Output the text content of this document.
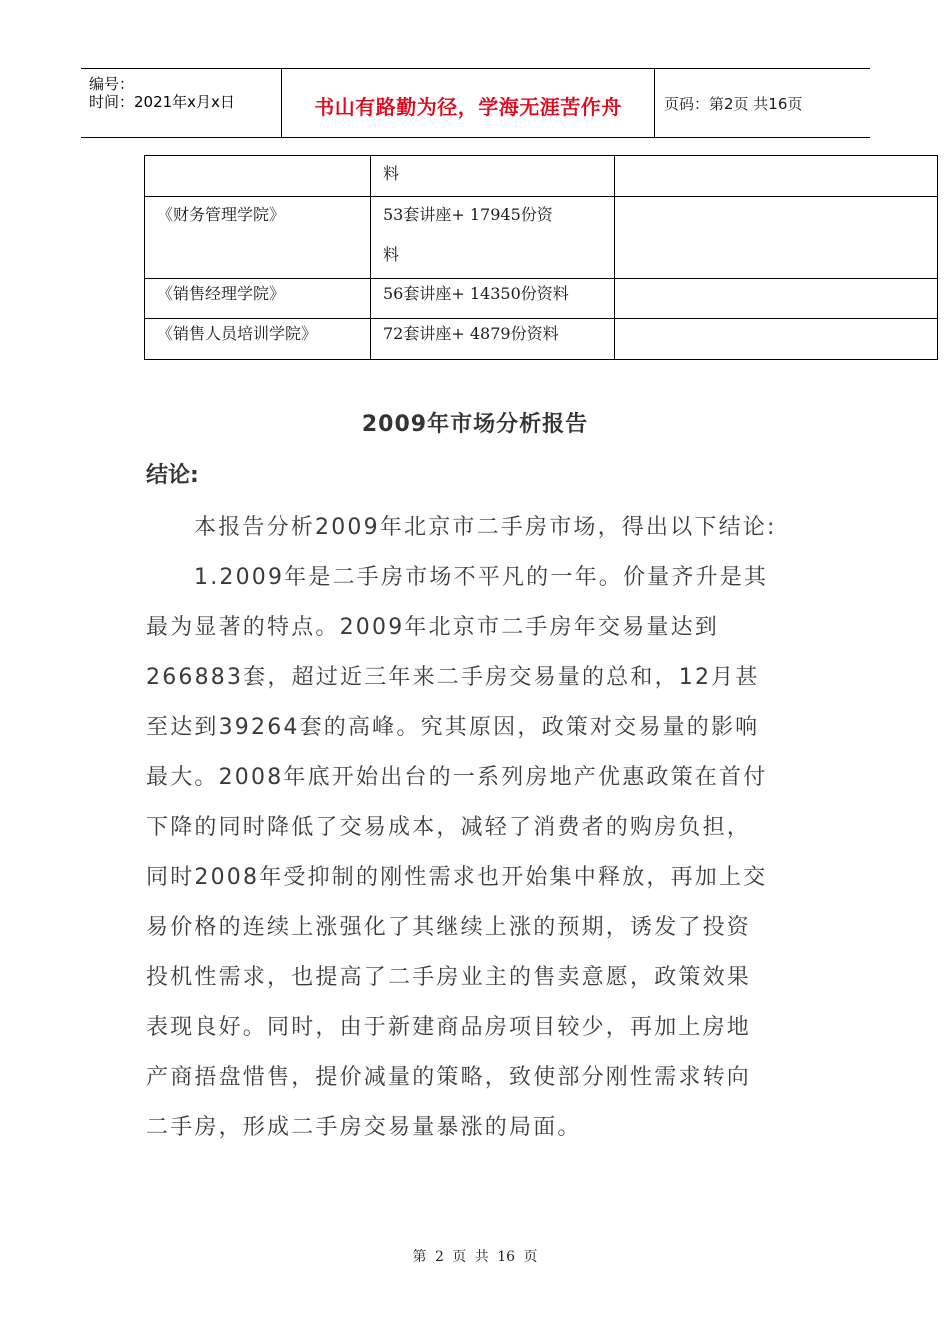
编号：
时间：2021年x月x日	书山有路勤为径，学海无涯苦作舟	页码：第2页 共16页

	料	

《财务管理学院》	53套讲座+ 17945份资
料	

《销售经理学院》	56套讲座+ 14350份资料	

《销售人员培训学院》	72套讲座+ 4879份资料	

2009年市场分析报告
结论:
本报告分析2009年北京市二手房市场，得出以下结论:
1.2009年是二手房市场不平凡的一年。价量齐升是其
最为显著的特点。2009年北京市二手房年交易量达到
266883套，超过近三年来二手房交易量的总和，12月甚
至达到39264套的高峰。究其原因，政策对交易量的影响
最大。2008年底开始出台的一系列房地产优惠政策在首付
下降的同时降低了交易成本，减轻了消费者的购房负担，
同时2008年受抑制的刚性需求也开始集中释放，再加上交
易价格的连续上涨强化了其继续上涨的预期，诱发了投资
投机性需求，也提高了二手房业主的售卖意愿，政策效果
表现良好。同时，由于新建商品房项目较少，再加上房地
产商捂盘惜售，提价减量的策略，致使部分刚性需求转向
二手房，形成二手房交易量暴涨的局面。
第 2 页 共 16 页
